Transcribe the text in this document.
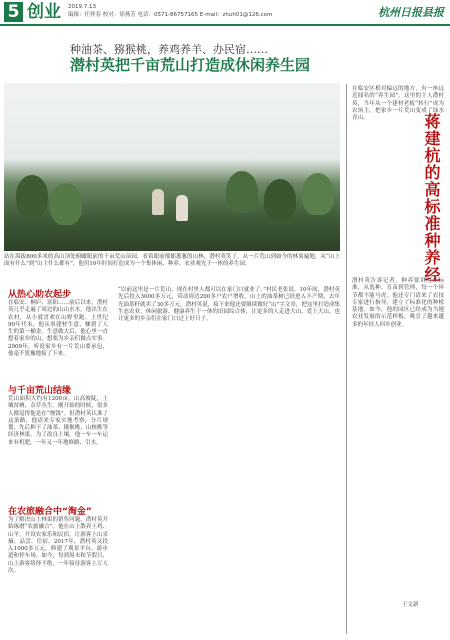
5 创业 2019.7.13
编辑：任仲春 校对：徐燕芳 电话：0571-86757165 E-mail：zhuh01@126.com	杭州日报县报
种油茶、猕猴桃，养鸡养羊、办民宿……
潜村英把千亩荒山打造成休闲养生园
站在海拔800多米的高山顶处俯瞰眼前的千亩荒山苗园，看着眼前郁郁葱葱的山林，潜村英笑了。从一片荒山到如今的林果遍地，从“山上面有什么”到“山上什么都有”，他用10年时间打造成为一个集休闲、种养、农业观光于一体的养生园。
从热心助农起步
在临安、桐庐、富阳……前后以来，潜村英几乎走遍了周边的山山水水。他出生在农村，从小就喜欢在山野里跑。上世纪90年代末，他从事建材生意，赚到了人生的第一桶金。生意做大后，他心里一直想着家乡的山，想要为乡亲们做点实事。2009年，听说家乡有一片荒山要承包，他毫不犹豫地接了下来。
与千亩荒山结缘
荒山面积大约有1200亩，山高坡陡，土壤贫瘠，杂草丛生。刚开始的时候，很多人都觉得他是在“烧钱”。但潜村英认准了这条路，他请来专家实地考察，分片规划，先后种下了油茶、猕猴桃、山核桃等经济林果。为了改良土壤，他一车一车运来有机肥，一年又一年地修路、引水。
在农旅融合中“淘金”
为了解决山上林果的销售问题，潜村英开始琢磨“农旅融合”。他在山上散养土鸡、山羊，开设农家乐和民宿，让游客上山采摘、品尝、住宿。2017年，潜村英又投入1000多万元，修建了观景平台、游步道和停车场。如今，每到周末和节假日，山上游客络绎不绝，一年接待游客上万人次。
“以前这里是一片荒山，现在村里人都可以在家门口就业了。”村民老张说。10年间，潜村英先后投入3000多万元，带动周边200多户农户增收。山上的油茶树已经进入丰产期，去年光油茶籽就卖了30多万元。潜村英说，接下来他还要继续做好“山”字文章，把这里打造成集生态农业、休闲旅游、健康养生于一体的田园综合体，让更多的人走进大山、爱上大山，也让更多的乡亲们在家门口过上好日子。
在临安区相对偏远的地方，有一座远近闻名的“养生园”。这里的主人潜村英，当年从一个建材老板“转行”成为农场主，把家乡一片荒山变成了绿水青山。	蒋建杭的高标准种养经
潜村英告诉记者，种养要讲究高标准，从选种、育苗到管理，每一个环节都不能马虎。他还专门请来了农技专家进行指导，建立了标准化的种植基地。如今，他的园区已经成为当地农业发展的示范样板，吸引了越来越多的年轻人回乡创业。
王文新
